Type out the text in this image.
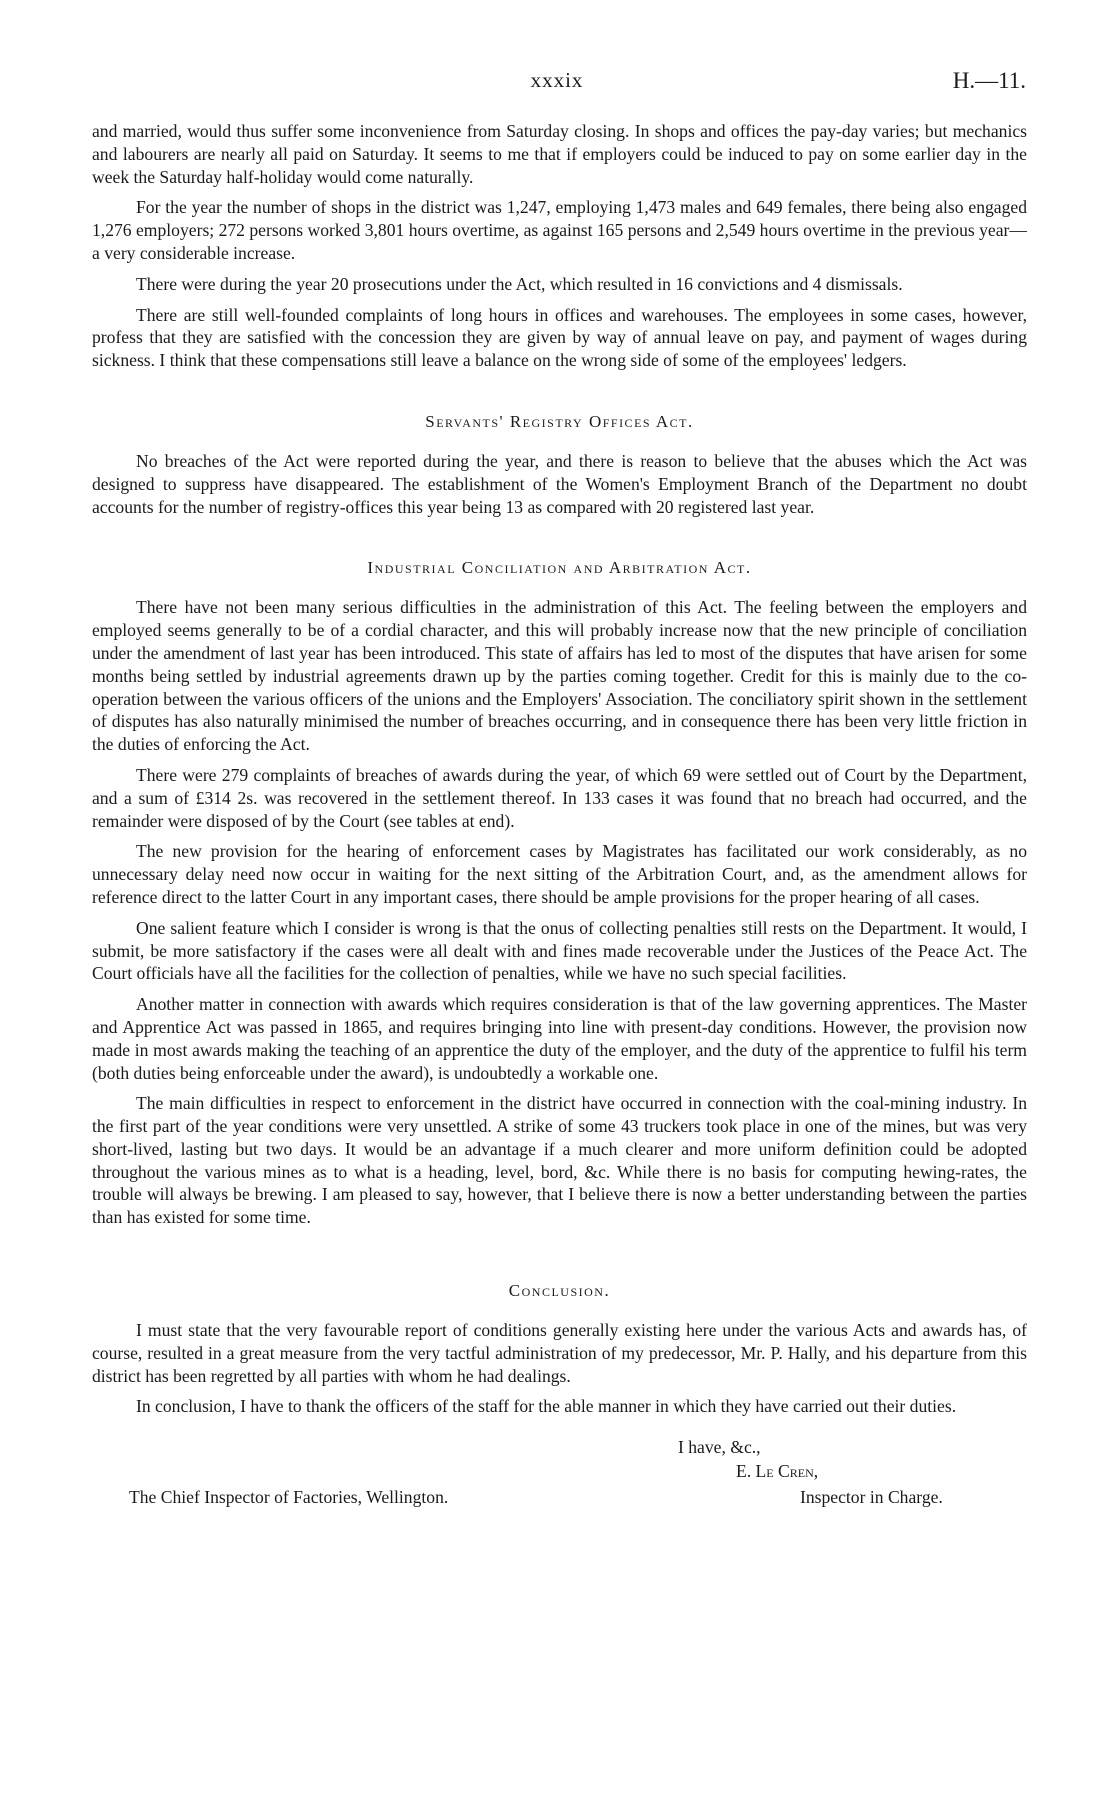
xxxix	H.—11.

and married, would thus suffer some inconvenience from Saturday closing. In shops and offices the pay-day varies; but mechanics and labourers are nearly all paid on Saturday. It seems to me that if employers could be induced to pay on some earlier day in the week the Saturday half-holiday would come naturally.

For the year the number of shops in the district was 1,247, employing 1,473 males and 649 females, there being also engaged 1,276 employers; 272 persons worked 3,801 hours overtime, as against 165 persons and 2,549 hours overtime in the previous year—a very considerable increase.

There were during the year 20 prosecutions under the Act, which resulted in 16 convictions and 4 dismissals.

There are still well-founded complaints of long hours in offices and warehouses. The employees in some cases, however, profess that they are satisfied with the concession they are given by way of annual leave on pay, and payment of wages during sickness. I think that these compensations still leave a balance on the wrong side of some of the employees' ledgers.

Servants' Registry Offices Act.

No breaches of the Act were reported during the year, and there is reason to believe that the abuses which the Act was designed to suppress have disappeared. The establishment of the Women's Employment Branch of the Department no doubt accounts for the number of registry-offices this year being 13 as compared with 20 registered last year.

Industrial Conciliation and Arbitration Act.

There have not been many serious difficulties in the administration of this Act. The feeling between the employers and employed seems generally to be of a cordial character, and this will probably increase now that the new principle of conciliation under the amendment of last year has been introduced. This state of affairs has led to most of the disputes that have arisen for some months being settled by industrial agreements drawn up by the parties coming together. Credit for this is mainly due to the co-operation between the various officers of the unions and the Employers' Association. The conciliatory spirit shown in the settlement of disputes has also naturally minimised the number of breaches occurring, and in consequence there has been very little friction in the duties of enforcing the Act.

There were 279 complaints of breaches of awards during the year, of which 69 were settled out of Court by the Department, and a sum of £314 2s. was recovered in the settlement thereof. In 133 cases it was found that no breach had occurred, and the remainder were disposed of by the Court (see tables at end).

The new provision for the hearing of enforcement cases by Magistrates has facilitated our work considerably, as no unnecessary delay need now occur in waiting for the next sitting of the Arbitration Court, and, as the amendment allows for reference direct to the latter Court in any important cases, there should be ample provisions for the proper hearing of all cases.

One salient feature which I consider is wrong is that the onus of collecting penalties still rests on the Department. It would, I submit, be more satisfactory if the cases were all dealt with and fines made recoverable under the Justices of the Peace Act. The Court officials have all the facilities for the collection of penalties, while we have no such special facilities.

Another matter in connection with awards which requires consideration is that of the law governing apprentices. The Master and Apprentice Act was passed in 1865, and requires bringing into line with present-day conditions. However, the provision now made in most awards making the teaching of an apprentice the duty of the employer, and the duty of the apprentice to fulfil his term (both duties being enforceable under the award), is undoubtedly a workable one.

The main difficulties in respect to enforcement in the district have occurred in connection with the coal-mining industry. In the first part of the year conditions were very unsettled. A strike of some 43 truckers took place in one of the mines, but was very short-lived, lasting but two days. It would be an advantage if a much clearer and more uniform definition could be adopted throughout the various mines as to what is a heading, level, bord, &c. While there is no basis for computing hewing-rates, the trouble will always be brewing. I am pleased to say, however, that I believe there is now a better understanding between the parties than has existed for some time.

Conclusion.

I must state that the very favourable report of conditions generally existing here under the various Acts and awards has, of course, resulted in a great measure from the very tactful administration of my predecessor, Mr. P. Hally, and his departure from this district has been regretted by all parties with whom he had dealings.

In conclusion, I have to thank the officers of the staff for the able manner in which they have carried out their duties.

I have, &c.,
E. Le Cren,
The Chief Inspector of Factories, Wellington.	Inspector in Charge.
